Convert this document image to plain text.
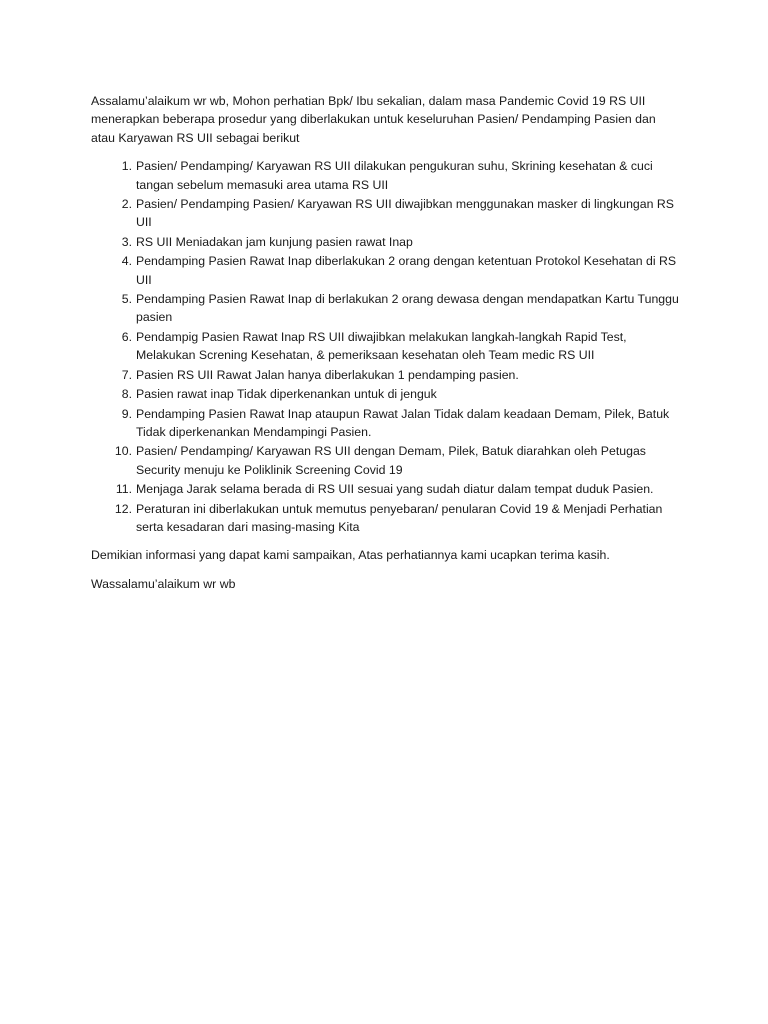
Assalamu’alaikum wr wb, Mohon perhatian Bpk/ Ibu sekalian, dalam masa Pandemic Covid 19 RS UII menerapkan beberapa prosedur yang diberlakukan untuk keseluruhan Pasien/ Pendamping Pasien dan atau Karyawan RS UII sebagai berikut

1. Pasien/ Pendamping/ Karyawan RS UII dilakukan pengukuran suhu, Skrining kesehatan & cuci tangan sebelum memasuki area utama RS UII
2. Pasien/ Pendamping Pasien/ Karyawan RS UII diwajibkan menggunakan masker di lingkungan RS UII
3. RS UII Meniadakan jam kunjung pasien rawat Inap
4. Pendamping Pasien Rawat Inap diberlakukan 2 orang dengan ketentuan Protokol Kesehatan di RS UII
5. Pendamping Pasien Rawat Inap di berlakukan 2 orang dewasa dengan mendapatkan Kartu Tunggu pasien
6. Pendampig Pasien Rawat Inap RS UII diwajibkan melakukan langkah-langkah Rapid Test, Melakukan Screning Kesehatan, & pemeriksaan kesehatan oleh Team medic RS UII
7. Pasien RS UII Rawat Jalan hanya diberlakukan 1 pendamping pasien.
8. Pasien rawat inap Tidak diperkenankan untuk di jenguk
9. Pendamping Pasien Rawat Inap ataupun Rawat Jalan Tidak dalam keadaan Demam, Pilek, Batuk Tidak diperkenankan Mendampingi Pasien.
10. Pasien/ Pendamping/ Karyawan RS UII dengan Demam, Pilek, Batuk diarahkan oleh Petugas Security menuju ke Poliklinik Screening Covid 19
11. Menjaga Jarak selama berada di RS UII sesuai yang sudah diatur dalam tempat duduk Pasien.
12. Peraturan ini diberlakukan untuk memutus penyebaran/ penularan Covid 19 & Menjadi Perhatian serta kesadaran dari masing-masing Kita

Demikian informasi yang dapat kami sampaikan, Atas perhatiannya kami ucapkan terima kasih.

Wassalamu’alaikum wr wb
